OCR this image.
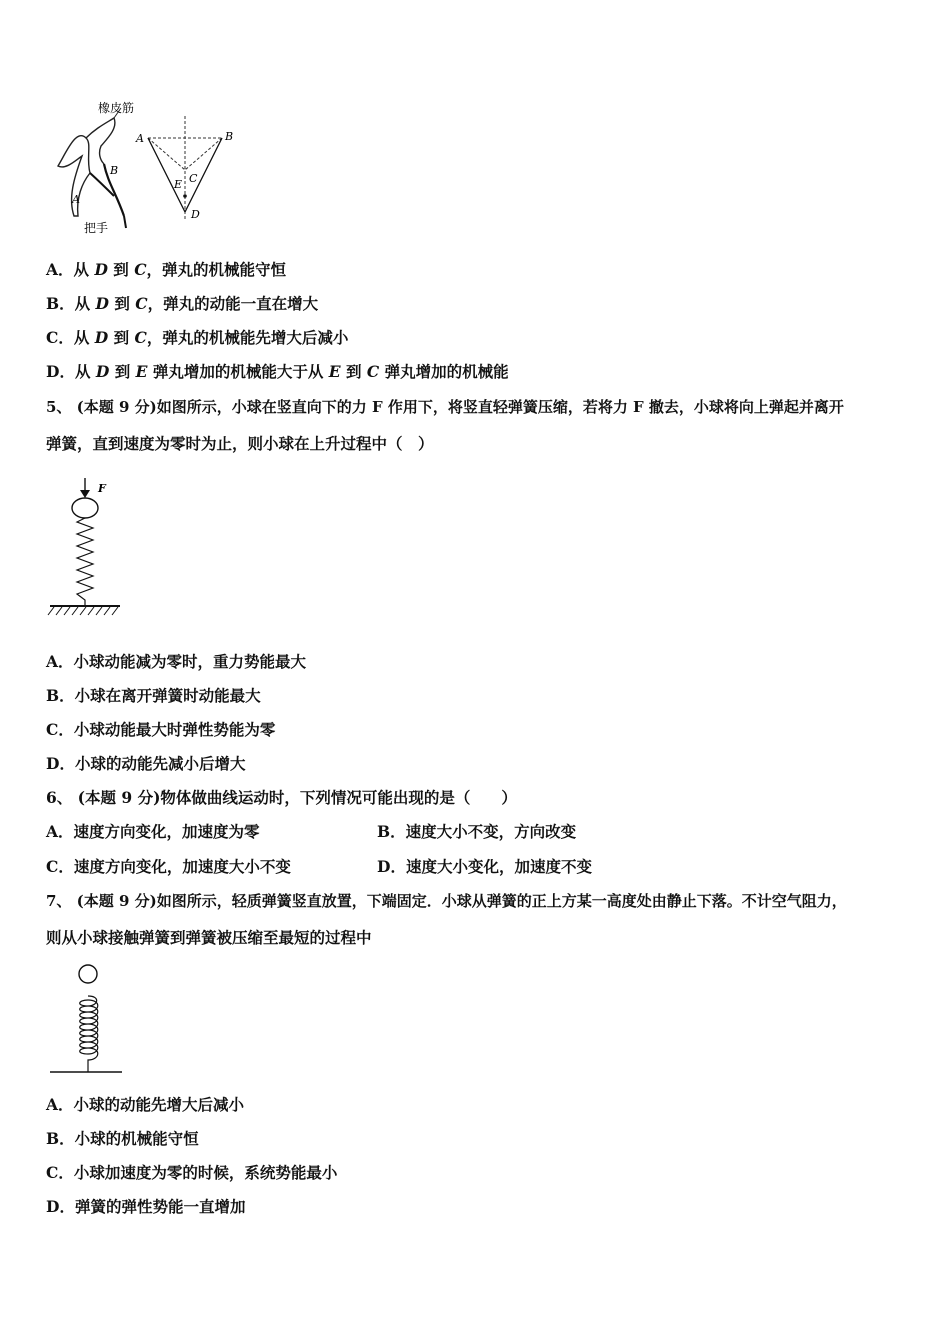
橡皮筋
把手
A
B
A	B
C
E
D
A．从 D 到 C，弹丸的机械能守恒
B．从 D 到 C，弹丸的动能一直在增大
C．从 D 到 C，弹丸的机械能先增大后减小
D．从 D 到 E 弹丸增加的机械能大于从 E 到 C 弹丸增加的机械能
5、 (本题 9 分)如图所示，小球在竖直向下的力 F 作用下，将竖直轻弹簧压缩，若将力 F 撤去，小球将向上弹起并离开
弹簧，直到速度为零时为止，则小球在上升过程中（　）
F
A．小球动能减为零时，重力势能最大
B．小球在离开弹簧时动能最大
C．小球动能最大时弹性势能为零
D．小球的动能先减小后增大
6、 (本题 9 分)物体做曲线运动时，下列情况可能出现的是（　　）
A．速度方向变化，加速度为零	B．速度大小不变，方向改变
C．速度方向变化，加速度大小不变	D．速度大小变化，加速度不变
7、 (本题 9 分)如图所示，轻质弹簧竖直放置，下端固定．小球从弹簧的正上方某一高度处由静止下落。不计空气阻力，
则从小球接触弹簧到弹簧被压缩至最短的过程中
A．小球的动能先增大后减小
B．小球的机械能守恒
C．小球加速度为零的时候，系统势能最小
D．弹簧的弹性势能一直增加
